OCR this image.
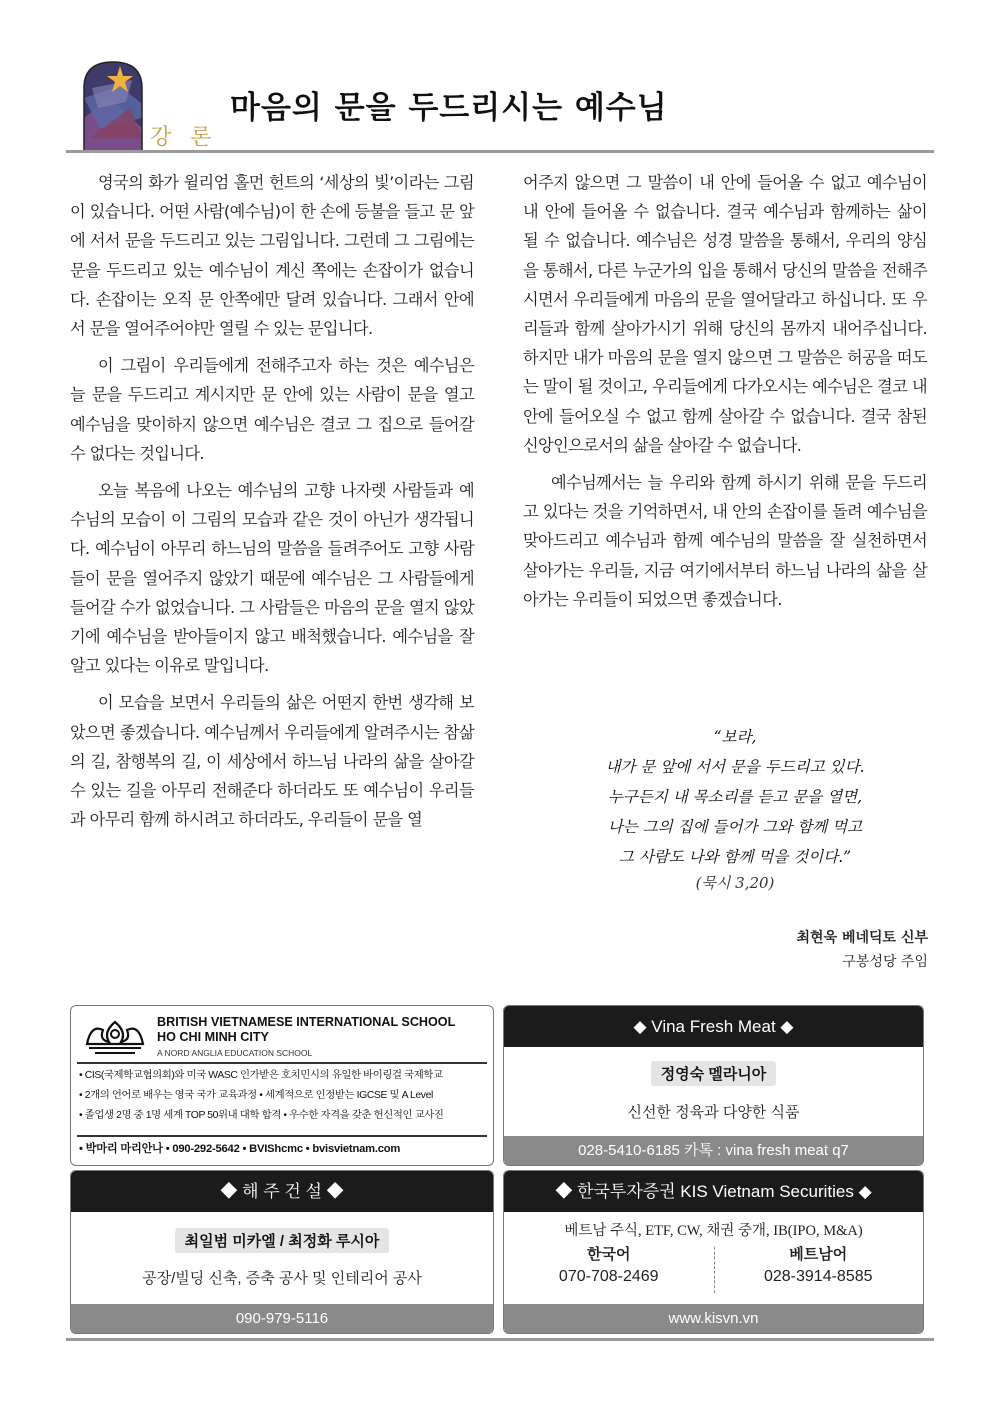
강 론
마음의 문을 두드리시는 예수님

영국의 화가 윌리엄 홀먼 헌트의 ‘세상의 빛’이라는 그림이 있습니다. 어떤 사람(예수님)이 한 손에 등불을 들고 문 앞에 서서 문을 두드리고 있는 그림입니다. 그런데 그 그림에는 문을 두드리고 있는 예수님이 계신 쪽에는 손잡이가 없습니다. 손잡이는 오직 문 안쪽에만 달려 있습니다. 그래서 안에서 문을 열어주어야만 열릴 수 있는 문입니다.

이 그림이 우리들에게 전해주고자 하는 것은 예수님은 늘 문을 두드리고 계시지만 문 안에 있는 사람이 문을 열고 예수님을 맞이하지 않으면 예수님은 결코 그 집으로 들어갈 수 없다는 것입니다.

오늘 복음에 나오는 예수님의 고향 나자렛 사람들과 예수님의 모습이 이 그림의 모습과 같은 것이 아닌가 생각됩니다. 예수님이 아무리 하느님의 말씀을 들려주어도 고향 사람들이 문을 열어주지 않았기 때문에 예수님은 그 사람들에게 들어갈 수가 없었습니다. 그 사람들은 마음의 문을 열지 않았기에 예수님을 받아들이지 않고 배척했습니다. 예수님을 잘 알고 있다는 이유로 말입니다.

이 모습을 보면서 우리들의 삶은 어떤지 한번 생각해 보았으면 좋겠습니다. 예수님께서 우리들에게 알려주시는 참삶의 길, 참행복의 길, 이 세상에서 하느님 나라의 삶을 살아갈 수 있는 길을 아무리 전해준다 하더라도 또 예수님이 우리들과 아무리 함께 하시려고 하더라도, 우리들이 문을 열

어주지 않으면 그 말씀이 내 안에 들어올 수 없고 예수님이 내 안에 들어올 수 없습니다. 결국 예수님과 함께하는 삶이 될 수 없습니다. 예수님은 성경 말씀을 통해서, 우리의 양심을 통해서, 다른 누군가의 입을 통해서 당신의 말씀을 전해주시면서 우리들에게 마음의 문을 열어달라고 하십니다. 또 우리들과 함께 살아가시기 위해 당신의 몸까지 내어주십니다. 하지만 내가 마음의 문을 열지 않으면 그 말씀은 허공을 떠도는 말이 될 것이고, 우리들에게 다가오시는 예수님은 결코 내 안에 들어오실 수 없고 함께 살아갈 수 없습니다. 결국 참된 신앙인으로서의 삶을 살아갈 수 없습니다.

예수님께서는 늘 우리와 함께 하시기 위해 문을 두드리고 있다는 것을 기억하면서, 내 안의 손잡이를 돌려 예수님을 맞아드리고 예수님과 함께 예수님의 말씀을 잘 실천하면서 살아가는 우리들, 지금 여기에서부터 하느님 나라의 삶을 살아가는 우리들이 되었으면 좋겠습니다.

“보라,
내가 문 앞에 서서 문을 두드리고 있다.
누구든지 내 목소리를 듣고 문을 열면,
나는 그의 집에 들어가 그와 함께 먹고
그 사람도 나와 함께 먹을 것이다.”
(묵시 3,20)
최현욱 베네딕토 신부
구봉성당 주임
BRITISH VIETNAMESE INTERNATIONAL SCHOOL
HO CHI MINH CITY
A NORD ANGLIA EDUCATION SCHOOL
• CIS(국제학교협의회)와 미국 WASC 인가받은 호치민시의 유일한 바이링걸 국제학교
• 2개의 언어로 배우는 영국 국가 교육과정 • 세계적으로 인정받는 IGCSE 및 A Level
• 졸업생 2명 중 1명 세계 TOP 50위내 대학 합격 • 우수한 자격을 갖춘 헌신적인 교사진
• 박마리 마리안나 • 090-292-5642 • BVIShcmc • bvisvietnam.com
◆ Vina Fresh Meat ◆
정영숙 멜라니아
신선한 정육과 다양한 식품
028-5410-6185 카톡 : vina fresh meat q7
◆ 해 주 건 설 ◆
최일범 미카엘 / 최정화 루시아
공장/빌딩 신축, 증축 공사 및 인테리어 공사
090-979-5116
◆ 한국투자증권 KIS Vietnam Securities ◆
베트남 주식, ETF, CW, 채권 중개, IB(IPO, M&A)
한국어
070-708-2469
베트남어
028-3914-8585
www.kisvn.vn
